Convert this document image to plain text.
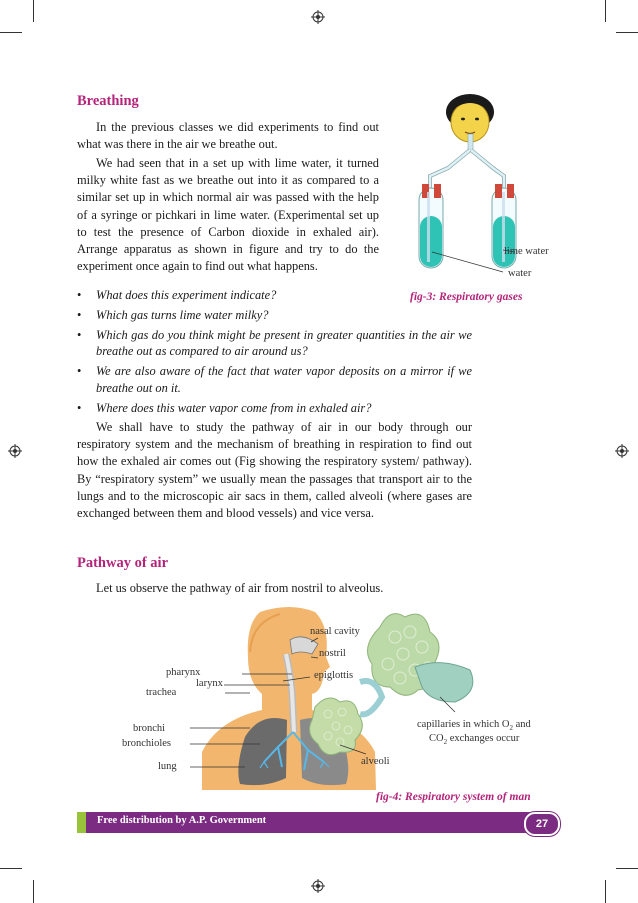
Breathing

In the previous classes we did experiments to find out what was there in the air we breathe out.

We had seen that in a set up with lime water, it turned milky white fast as we breathe out into it as compared to a similar set up in which normal air was passed with the help of a syringe or pichkari in lime water. (Experimental set up to test the presence of Carbon dioxide in exhaled air). Arrange apparatus as shown in figure and try to do the experiment once again to find out what happens.

lime water
water
fig-3: Respiratory gases
• What does this experiment indicate?
• Which gas turns lime water milky?
• Which gas do you think might be present in greater quantities in the air we breathe out as compared to air around us?
• We are also aware of the fact that water vapor deposits on a mirror if we breathe out on it.
• Where does this water vapor come from in exhaled air?

We shall have to study the pathway of air in our body through our respiratory system and the mechanism of breathing in respiration to find out how the exhaled air comes out (Fig showing the respiratory system/ pathway). By “respiratory system” we usually mean the passages that transport air to the lungs and to the microscopic air sacs in them, called alveoli (where gases are exchanged between them and blood vessels) and vice versa.

Pathway of air

Let us observe the pathway of air from nostril to alveolus.

nasal cavity
nostril
pharynx	epiglottis
larynx
trachea
bronchi
bronchioles
lung	alveoli
capillaries in which $O_2$ and
$CO_2$ exchanges occur
fig-4: Respiratory system of man
Free distribution by A.P. Government	27
